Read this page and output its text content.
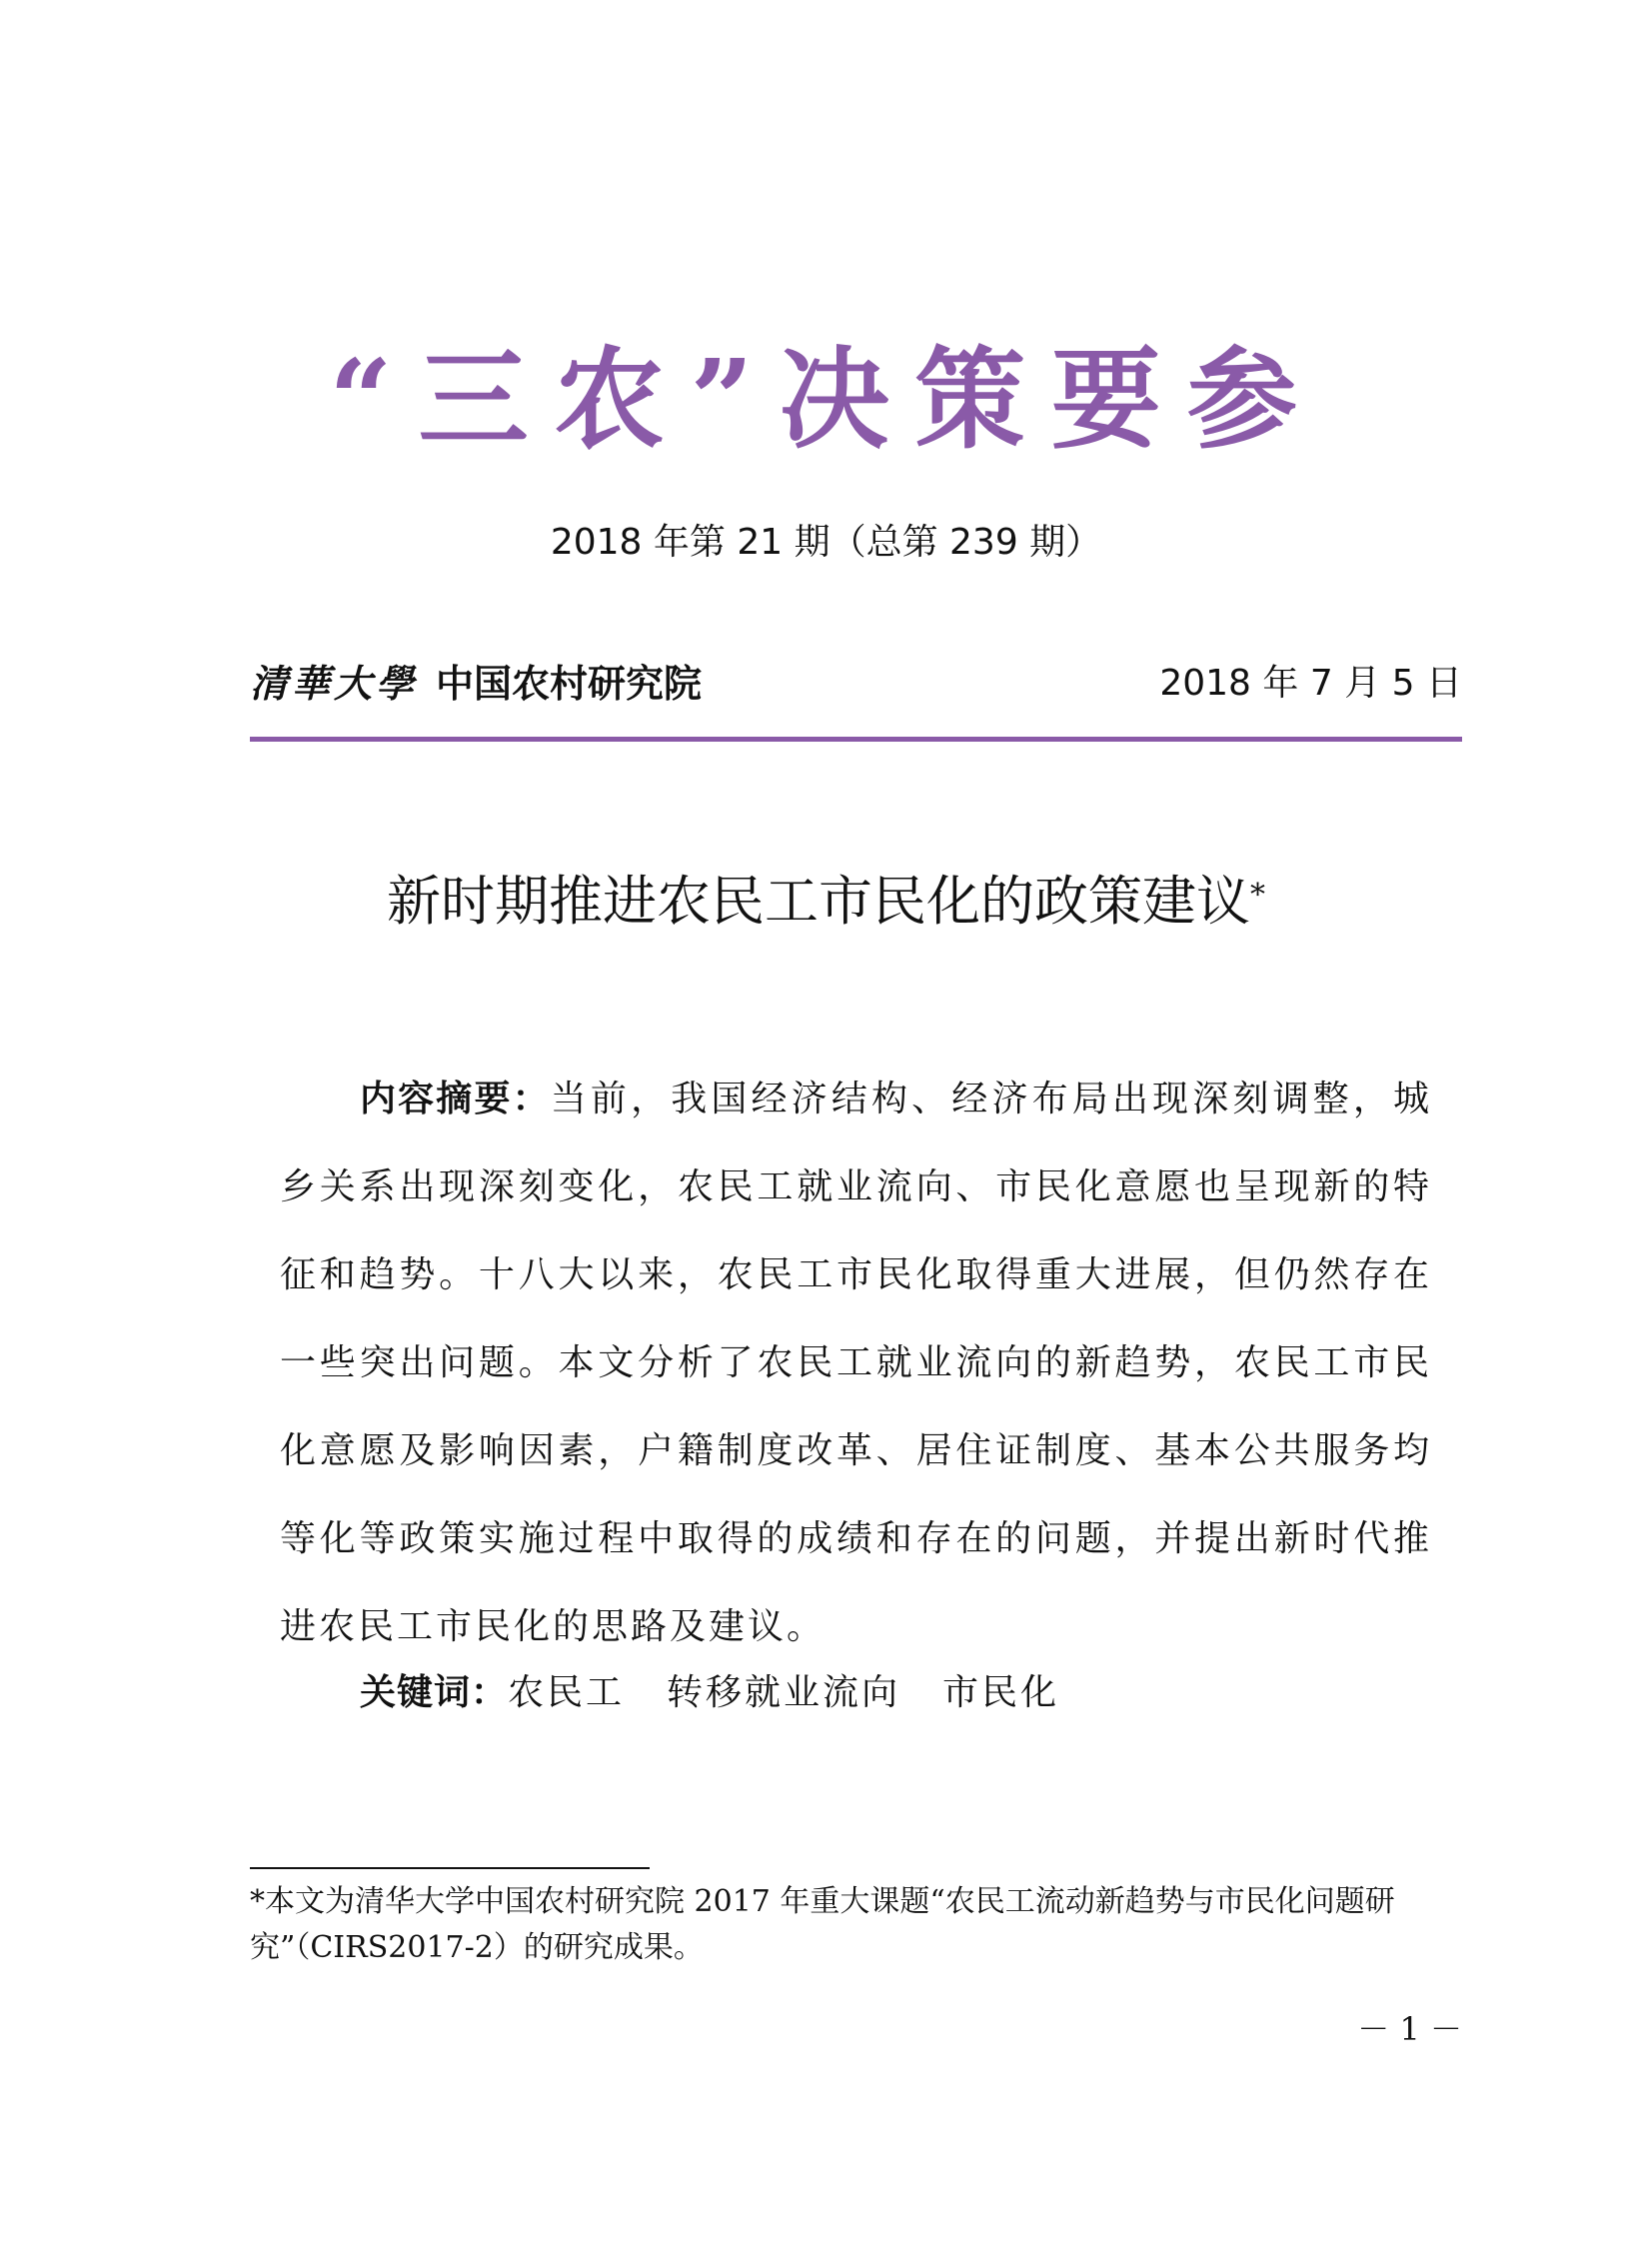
“三农”决策要参
2018 年第 21 期（总第 239 期）
清華大學 中国农村研究院	2018 年 7 月 5 日
新时期推进农民工市民化的政策建议*

内容摘要：当前，我国经济结构、经济布局出现深刻调整，城乡关系出现深刻变化，农民工就业流向、市民化意愿也呈现新的特征和趋势。十八大以来，农民工市民化取得重大进展，但仍然存在一些突出问题。本文分析了农民工就业流向的新趋势，农民工市民化意愿及影响因素，户籍制度改革、居住证制度、基本公共服务均等化等政策实施过程中取得的成绩和存在的问题，并提出新时代推进农民工市民化的思路及建议。

关键词：农民工 转移就业流向 市民化

*本文为清华大学中国农村研究院 2017 年重大课题“农民工流动新趋势与市民化问题研究”（CIRS2017-2）的研究成果。

－ 1 －
